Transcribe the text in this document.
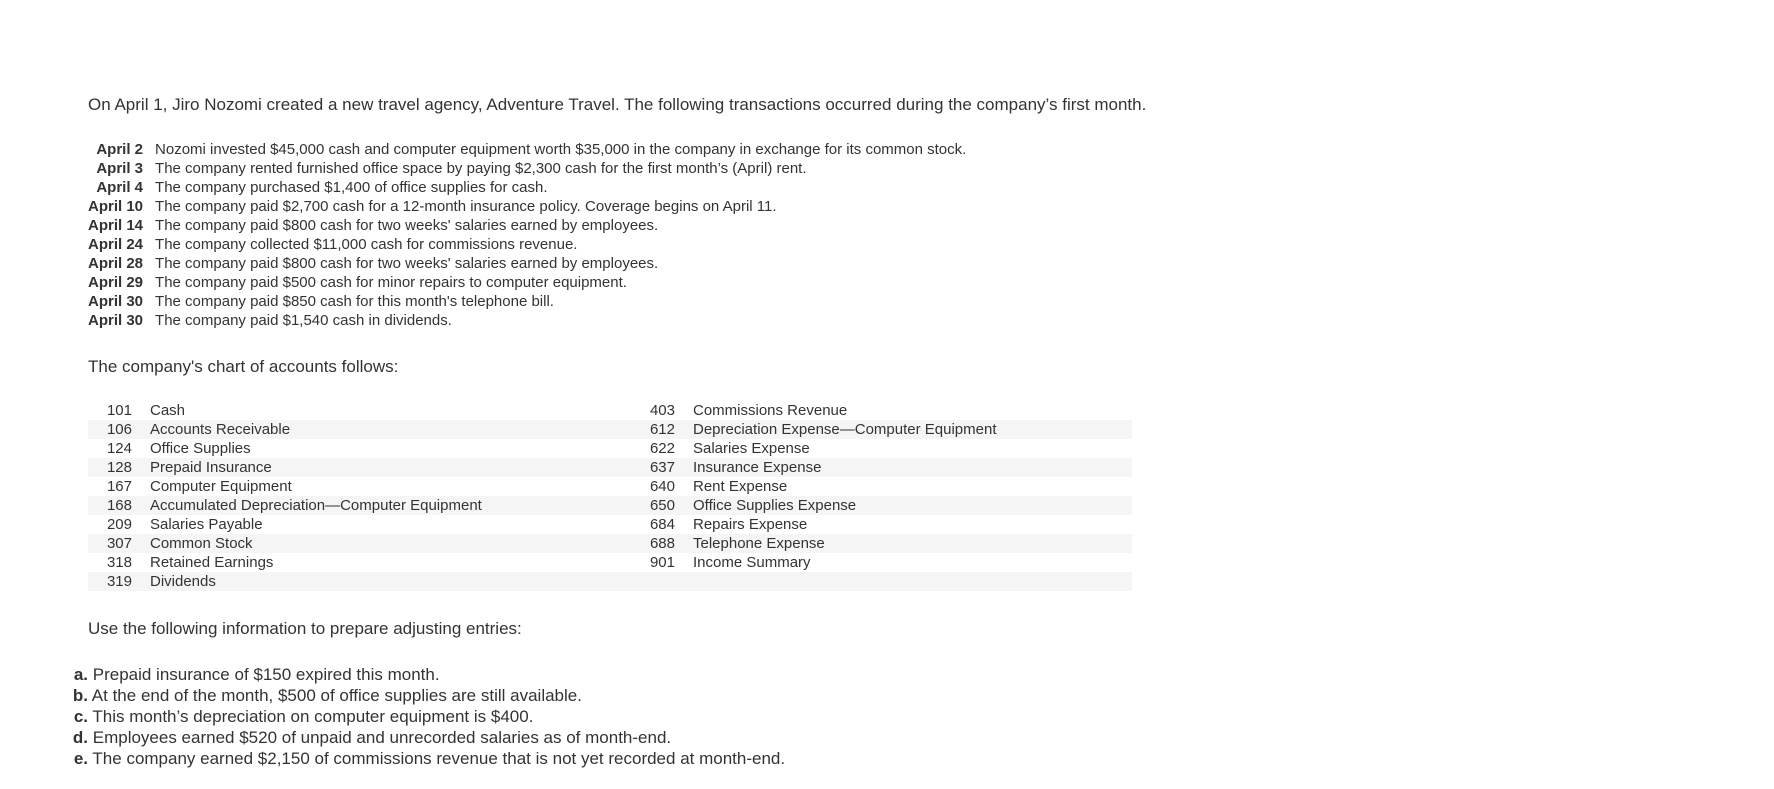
On April 1, Jiro Nozomi created a new travel agency, Adventure Travel. The following transactions occurred during the company’s first month.
April 2	Nozomi invested $45,000 cash and computer equipment worth $35,000 in the company in exchange for its common stock.
April 3	The company rented furnished office space by paying $2,300 cash for the first month’s (April) rent.
April 4	The company purchased $1,400 of office supplies for cash.
April 10	The company paid $2,700 cash for a 12-month insurance policy. Coverage begins on April 11.
April 14	The company paid $800 cash for two weeks' salaries earned by employees.
April 24	The company collected $11,000 cash for commissions revenue.
April 28	The company paid $800 cash for two weeks' salaries earned by employees.
April 29	The company paid $500 cash for minor repairs to computer equipment.
April 30	The company paid $850 cash for this month's telephone bill.
April 30	The company paid $1,540 cash in dividends.
The company's chart of accounts follows:
101	Cash	403	Commissions Revenue
106	Accounts Receivable	612	Depreciation Expense—Computer Equipment
124	Office Supplies	622	Salaries Expense
128	Prepaid Insurance	637	Insurance Expense
167	Computer Equipment	640	Rent Expense
168	Accumulated Depreciation—Computer Equipment	650	Office Supplies Expense
209	Salaries Payable	684	Repairs Expense
307	Common Stock	688	Telephone Expense
318	Retained Earnings	901	Income Summary
319	Dividends		
Use the following information to prepare adjusting entries:
a. Prepaid insurance of $150 expired this month.
b. At the end of the month, $500 of office supplies are still available.
c. This month’s depreciation on computer equipment is $400.
d. Employees earned $520 of unpaid and unrecorded salaries as of month-end.
e. The company earned $2,150 of commissions revenue that is not yet recorded at month-end.
